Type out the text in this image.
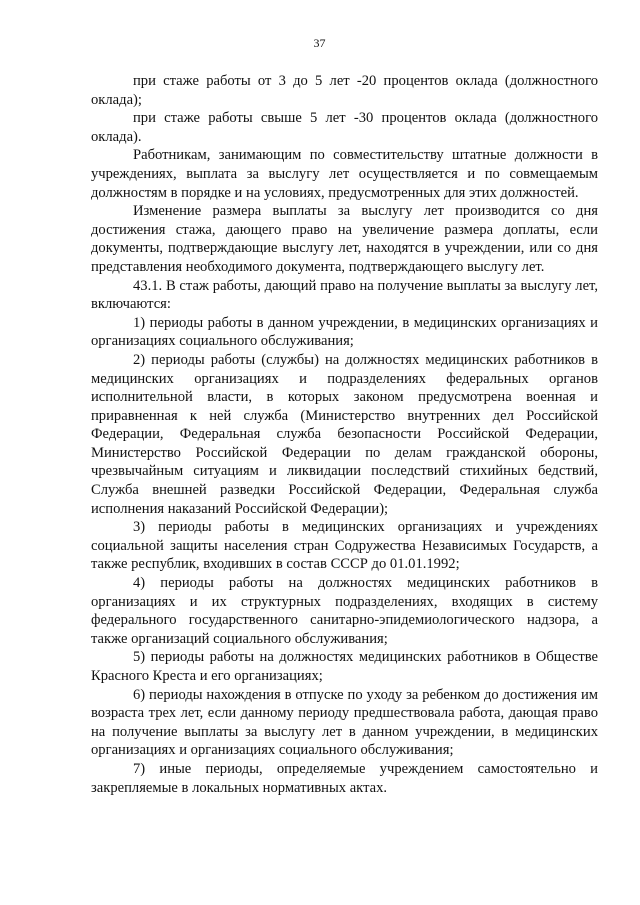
37

при стаже работы от 3 до 5 лет -20 процентов оклада (должностного оклада);

при стаже работы свыше 5 лет -30 процентов оклада (должностного оклада).

Работникам, занимающим по совместительству штатные должности в учреждениях, выплата за выслугу лет осуществляется и по совмещаемым должностям в порядке и на условиях, предусмотренных для этих должностей.

Изменение размера выплаты за выслугу лет производится со дня достижения стажа, дающего право на увеличение размера доплаты, если документы, подтверждающие выслугу лет, находятся в учреждении, или со дня представления необходимого документа, подтверждающего выслугу лет.

43.1. В стаж работы, дающий право на получение выплаты за выслугу лет, включаются:

1) периоды работы в данном учреждении, в медицинских организациях и организациях социального обслуживания;

2) периоды работы (службы) на должностях медицинских работников в медицинских организациях и подразделениях федеральных органов исполнительной власти, в которых законом предусмотрена военная и приравненная к ней служба (Министерство внутренних дел Российской Федерации, Федеральная служба безопасности Российской Федерации, Министерство Российской Федерации по делам гражданской обороны, чрезвычайным ситуациям и ликвидации последствий стихийных бедствий, Служба внешней разведки Российской Федерации, Федеральная служба исполнения наказаний Российской Федерации);

3) периоды работы в медицинских организациях и учреждениях социальной защиты населения стран Содружества Независимых Государств, а также республик, входивших в состав СССР до 01.01.1992;

4) периоды работы на должностях медицинских работников в организациях и их структурных подразделениях, входящих в систему федерального государственного санитарно-эпидемиологического надзора, а также организаций социального обслуживания;

5) периоды работы на должностях медицинских работников в Обществе Красного Креста и его организациях;

6) периоды нахождения в отпуске по уходу за ребенком до достижения им возраста трех лет, если данному периоду предшествовала работа, дающая право на получение выплаты за выслугу лет в данном учреждении, в медицинских организациях и организациях социального обслуживания;

7) иные периоды, определяемые учреждением самостоятельно и закрепляемые в локальных нормативных актах.
